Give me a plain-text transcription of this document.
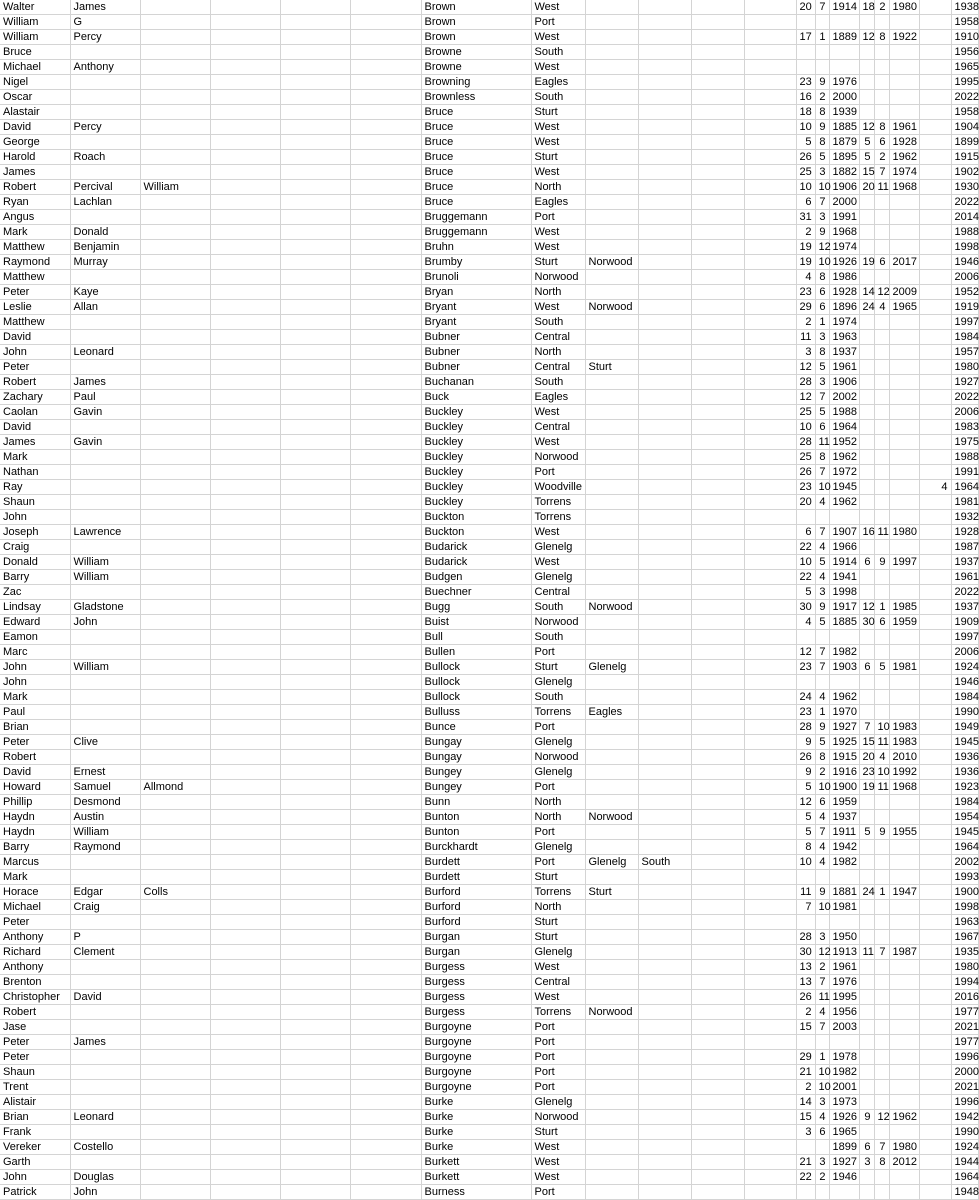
Walter	James					Brown	West					20	7	1914	18	2	1980		1938
William	G					Brown	Port												1958
William	Percy					Brown	West					17	1	1889	12	8	1922		1910
Bruce						Browne	South												1956
Michael	Anthony					Browne	West												1965
Nigel						Browning	Eagles					23	9	1976					1995
Oscar						Brownless	South					16	2	2000					2022
Alastair						Bruce	Sturt					18	8	1939					1958
David	Percy					Bruce	West					10	9	1885	12	8	1961		1904
George						Bruce	West					5	8	1879	5	6	1928		1899
Harold	Roach					Bruce	Sturt					26	5	1895	5	2	1962		1915
James						Bruce	West					25	3	1882	15	7	1974		1902
Robert	Percival	William				Bruce	North					10	10	1906	20	11	1968		1930
Ryan	Lachlan					Bruce	Eagles					6	7	2000					2022
Angus						Bruggemann	Port					31	3	1991					2014
Mark	Donald					Bruggemann	West					2	9	1968					1988
Matthew	Benjamin					Bruhn	West					19	12	1974					1998
Raymond	Murray					Brumby	Sturt	Norwood				19	10	1926	19	6	2017		1946
Matthew						Brunoli	Norwood					4	8	1986					2006
Peter	Kaye					Bryan	North					23	6	1928	14	12	2009		1952
Leslie	Allan					Bryant	West	Norwood				29	6	1896	24	4	1965		1919
Matthew						Bryant	South					2	1	1974					1997
David						Bubner	Central					11	3	1963					1984
John	Leonard					Bubner	North					3	8	1937					1957
Peter						Bubner	Central	Sturt				12	5	1961					1980
Robert	James					Buchanan	South					28	3	1906					1927
Zachary	Paul					Buck	Eagles					12	7	2002					2022
Caolan	Gavin					Buckley	West					25	5	1988					2006
David						Buckley	Central					10	6	1964					1983
James	Gavin					Buckley	West					28	11	1952					1975
Mark						Buckley	Norwood					25	8	1962					1988
Nathan						Buckley	Port					26	7	1972					1991
Ray						Buckley	Woodville					23	10	1945				4	1964
Shaun						Buckley	Torrens					20	4	1962					1981
John						Buckton	Torrens												1932
Joseph	Lawrence					Buckton	West					6	7	1907	16	11	1980		1928
Craig						Budarick	Glenelg					22	4	1966					1987
Donald	William					Budarick	West					10	5	1914	6	9	1997		1937
Barry	William					Budgen	Glenelg					22	4	1941					1961
Zac						Buechner	Central					5	3	1998					2022
Lindsay	Gladstone					Bugg	South	Norwood				30	9	1917	12	1	1985		1937
Edward	John					Buist	Norwood					4	5	1885	30	6	1959		1909
Eamon						Bull	South												1997
Marc						Bullen	Port					12	7	1982					2006
John	William					Bullock	Sturt	Glenelg				23	7	1903	6	5	1981		1924
John						Bullock	Glenelg												1946
Mark						Bullock	South					24	4	1962					1984
Paul						Bulluss	Torrens	Eagles				23	1	1970					1990
Brian						Bunce	Port					28	9	1927	7	10	1983		1949
Peter	Clive					Bungay	Glenelg					9	5	1925	15	11	1983		1945
Robert						Bungay	Norwood					26	8	1915	20	4	2010		1936
David	Ernest					Bungey	Glenelg					9	2	1916	23	10	1992		1936
Howard	Samuel	Allmond				Bungey	Port					5	10	1900	19	11	1968		1923
Phillip	Desmond					Bunn	North					12	6	1959					1984
Haydn	Austin					Bunton	North	Norwood				5	4	1937					1954
Haydn	William					Bunton	Port					5	7	1911	5	9	1955		1945
Barry	Raymond					Burckhardt	Glenelg					8	4	1942					1964
Marcus						Burdett	Port	Glenelg	South			10	4	1982					2002
Mark						Burdett	Sturt												1993
Horace	Edgar	Colls				Burford	Torrens	Sturt				11	9	1881	24	1	1947		1900
Michael	Craig					Burford	North					7	10	1981					1998
Peter						Burford	Sturt												1963
Anthony	P					Burgan	Sturt					28	3	1950					1967
Richard	Clement					Burgan	Glenelg					30	12	1913	11	7	1987		1935
Anthony						Burgess	West					13	2	1961					1980
Brenton						Burgess	Central					13	7	1976					1994
Christopher	David					Burgess	West					26	11	1995					2016
Robert						Burgess	Torrens	Norwood				2	4	1956					1977
Jase						Burgoyne	Port					15	7	2003					2021
Peter	James					Burgoyne	Port												1977
Peter						Burgoyne	Port					29	1	1978					1996
Shaun						Burgoyne	Port					21	10	1982					2000
Trent						Burgoyne	Port					2	10	2001					2021
Alistair						Burke	Glenelg					14	3	1973					1996
Brian	Leonard					Burke	Norwood					15	4	1926	9	12	1962		1942
Frank						Burke	Sturt					3	6	1965					1990
Vereker	Costello					Burke	West							1899	6	7	1980		1924
Garth						Burkett	West					21	3	1927	3	8	2012		1944
John	Douglas					Burkett	West					22	2	1946					1964
Patrick	John					Burness	Port												1948
